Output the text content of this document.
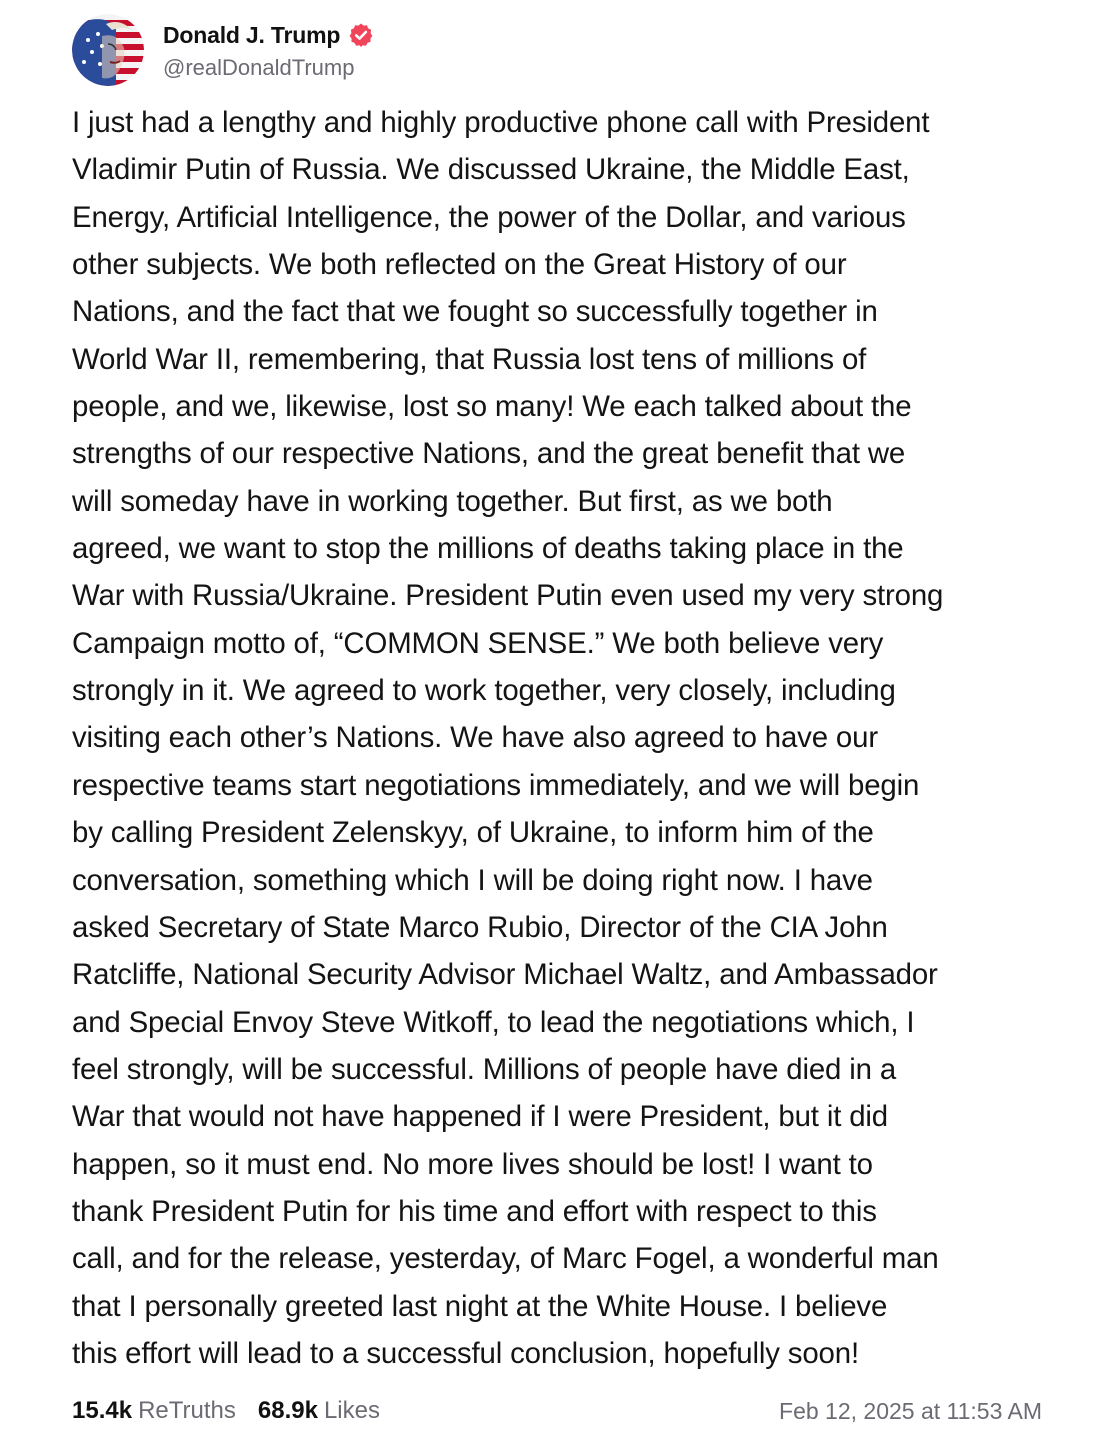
Donald J. Trump
@realDonaldTrump
I just had a lengthy and highly productive phone call with President
Vladimir Putin of Russia. We discussed Ukraine, the Middle East,
Energy, Artificial Intelligence, the power of the Dollar, and various
other subjects. We both reflected on the Great History of our
Nations, and the fact that we fought so successfully together in
World War II, remembering, that Russia lost tens of millions of
people, and we, likewise, lost so many! We each talked about the
strengths of our respective Nations, and the great benefit that we
will someday have in working together. But first, as we both
agreed, we want to stop the millions of deaths taking place in the
War with Russia/Ukraine. President Putin even used my very strong
Campaign motto of, “COMMON SENSE.” We both believe very
strongly in it. We agreed to work together, very closely, including
visiting each other’s Nations. We have also agreed to have our
respective teams start negotiations immediately, and we will begin
by calling President Zelenskyy, of Ukraine, to inform him of the
conversation, something which I will be doing right now. I have
asked Secretary of State Marco Rubio, Director of the CIA John
Ratcliffe, National Security Advisor Michael Waltz, and Ambassador
and Special Envoy Steve Witkoff, to lead the negotiations which, I
feel strongly, will be successful. Millions of people have died in a
War that would not have happened if I were President, but it did
happen, so it must end. No more lives should be lost! I want to
thank President Putin for his time and effort with respect to this
call, and for the release, yesterday, of Marc Fogel, a wonderful man
that I personally greeted last night at the White House. I believe
this effort will lead to a successful conclusion, hopefully soon!
15.4k ReTruths 68.9k Likes	Feb 12, 2025 at 11:53 AM
